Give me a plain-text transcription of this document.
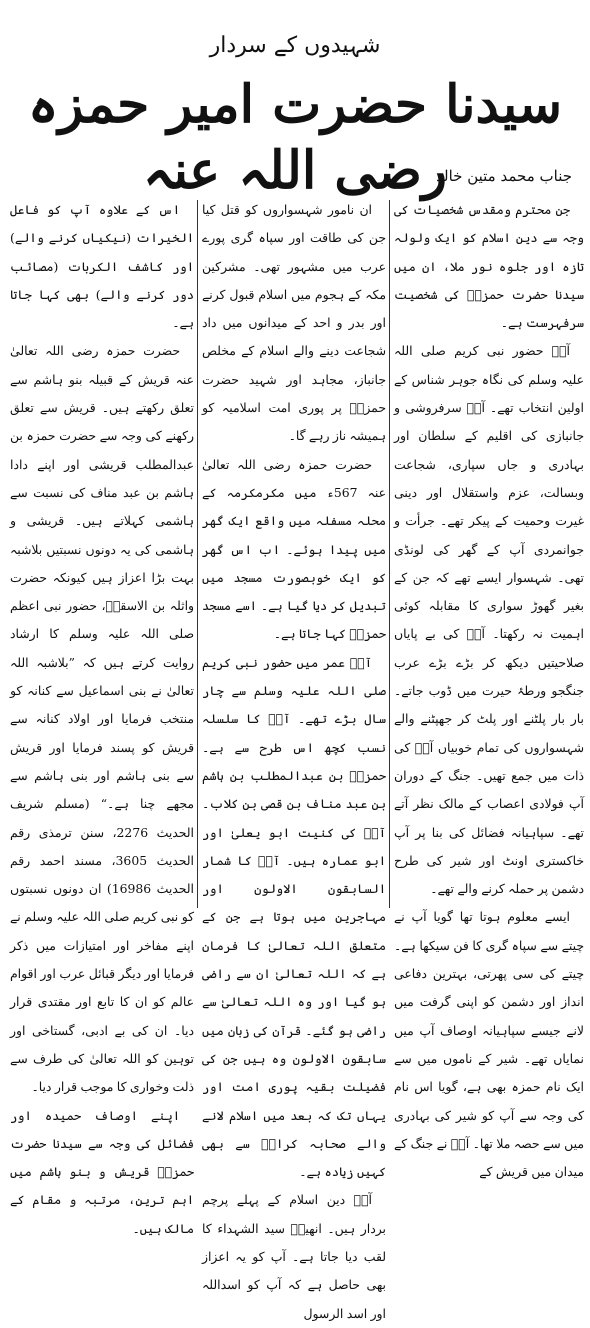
شہیدوں کے سردار
سیدنا حضرت امیر حمزہ رضی اللہ عنہ
جناب محمد متین خالد

جن محترم ومقدس شخصیات کی وجہ سے دین اسلام کو ایک ولولہ تازہ اور جلوہ نور ملا، ان میں سیدنا حضرت حمزہؓ کی شخصیت سرفہرست ہے۔

آپؓ حضور نبی کریم صلی اللہ علیہ وسلم کی نگاہ جوہر شناس کے اولین انتخاب تھے۔ آپؓ سرفروشی و جانبازی کی اقلیم کے سلطان اور بہادری و جاں سپاری، شجاعت وبسالت، عزم واستقلال اور دینی غیرت وحمیت کے پیکر تھے۔ جرأت و جوانمردی آپ کے گھر کی لونڈی تھی۔ شہسوار ایسے تھے کہ جن کے بغیر گھوڑ سواری کا مقابلہ کوئی اہمیت نہ رکھتا۔ آپؓ کی بے پایاں صلاحیتیں دیکھ کر بڑے بڑے عرب جنگجو ورطۂ حیرت میں ڈوب جاتے۔ بار بار پلٹنے اور پلٹ کر جھپٹنے والے شہسواروں کی تمام خوبیاں آپؓ کی ذات میں جمع تھیں۔ جنگ کے دوران آپ فولادی اعصاب کے مالک نظر آتے تھے۔ سپاہیانہ فضائل کی بنا پر آپ خاکستری اونٹ اور شیر کی طرح دشمن پر حملہ کرنے والے تھے۔

ایسے معلوم ہوتا تھا گویا آپ نے چیتے سے سپاہ گری کا فن سیکھا ہے۔ چیتے کی سی پھرتی، بہترین دفاعی انداز اور دشمن کو اپنی گرفت میں لانے جیسے سپاہیانہ اوصاف آپ میں نمایاں تھے۔ شیر کے ناموں میں سے ایک نام حمزہ بھی ہے، گویا اس نام کی وجہ سے آپ کو شیر کی بہادری میں سے حصہ ملا تھا۔ آپؓ نے جنگ کے میدان میں قریش کے

ان نامور شہسواروں کو قتل کیا جن کی طاقت اور سپاہ گری پورے عرب میں مشہور تھی۔ مشرکین مکہ کے ہجوم میں اسلام قبول کرنے اور بدر و احد کے میدانوں میں داد شجاعت دینے والے اسلام کے مخلص جانباز، مجاہد اور شہید حضرت حمزہؓ پر پوری امت اسلامیہ کو ہمیشہ ناز رہے گا۔

حضرت حمزہ رضی اللہ تعالیٰ عنہ 567ء میں مکرمکرمہ کے محلہ مسفلہ میں واقع ایک گھر میں پیدا ہوئے۔ اب اس گھر کو ایک خوبصورت مسجد میں تبدیل کر دیا گیا ہے۔ اسے مسجد حمزہؓ کہا جاتا ہے۔

آپؓ عمر میں حضور نبی کریم صلی اللہ علیہ وسلم سے چار سال بڑے تھے۔ آپؓ کا سلسلہ نسب کچھ اس طرح سے ہے۔ حمزہؓ بن عبدالمطلب بن ہاشم بن عبد مناف بن قصی بن کلاب۔ آپؓ کی کنیت ابو یعلیٰ اور ابو عمارہ ہیں۔ آپؓ کا شمار السابقون الاولون اور مہاجرین میں ہوتا ہے جن کے متعلق اللہ تعالیٰ کا فرمان ہے کہ اللہ تعالیٰ ان سے راضی ہو گیا اور وہ اللہ تعالیٰ سے راضی ہو گئے۔ قرآن کی زبان میں سابقون الاولون وہ ہیں جن کی فضیلت بقیہ پوری امت اور یہاں تک کہ بعد میں اسلام لانے والے صحابہ کرامؓ سے بھی کہیں زیادہ ہے۔

آپؓ دین اسلام کے پہلے پرچم بردار ہیں۔ انھیںؓ سید الشہداء کا لقب دیا جاتا ہے۔ آپ کو یہ اعزاز بھی حاصل ہے کہ آپ کو اسداللہ اور اسد الرسول

اس کے علاوہ آپ کو فاعل الخیرات (نیکیاں کرنے والے) اور کاشف الکربات (مصائب دور کرنے والے) بھی کہا جاتا ہے۔

حضرت حمزہ رضی اللہ تعالیٰ عنہ قریش کے قبیلہ بنو ہاشم سے تعلق رکھتے ہیں۔ قریش سے تعلق رکھنے کی وجہ سے حضرت حمزہ بن عبدالمطلب قریشی اور اپنے دادا ہاشم بن عبد مناف کی نسبت سے ہاشمی کہلاتے ہیں۔ قریشی و ہاشمی کی یہ دونوں نسبتیں بلاشبہ بہت بڑا اعزاز ہیں کیونکہ حضرت واثلہ بن الاسقعؓ، حضور نبی اعظم صلی اللہ علیہ وسلم کا ارشاد روایت کرتے ہیں کہ ”بلاشبہ اللہ تعالیٰ نے بنی اسماعیل سے کنانہ کو منتخب فرمایا اور اولاد کنانہ سے قریش کو پسند فرمایا اور قریش سے بنی ہاشم اور بنی ہاشم سے مجھے چنا ہے۔“ (مسلم شریف الحدیث 2276، سنن ترمذی رقم الحدیث 3605، مسند احمد رقم الحدیث 16986) ان دونوں نسبتوں کو نبی کریم صلی اللہ علیہ وسلم نے اپنے مفاخر اور امتیازات میں ذکر فرمایا اور دیگر قبائل عرب اور اقوام عالم کو ان کا تابع اور مقتدی قرار دیا۔ ان کی بے ادبی، گستاخی اور توہین کو اللہ تعالیٰ کی طرف سے ذلت وخواری کا موجب قرار دیا۔

اپنے اوصاف حمیدہ اور فضائل کی وجہ سے سیدنا حضرت حمزہؓ قریش و بنو ہاشم میں اہم ترین، مرتبہ و مقام کے مالک ہیں۔
